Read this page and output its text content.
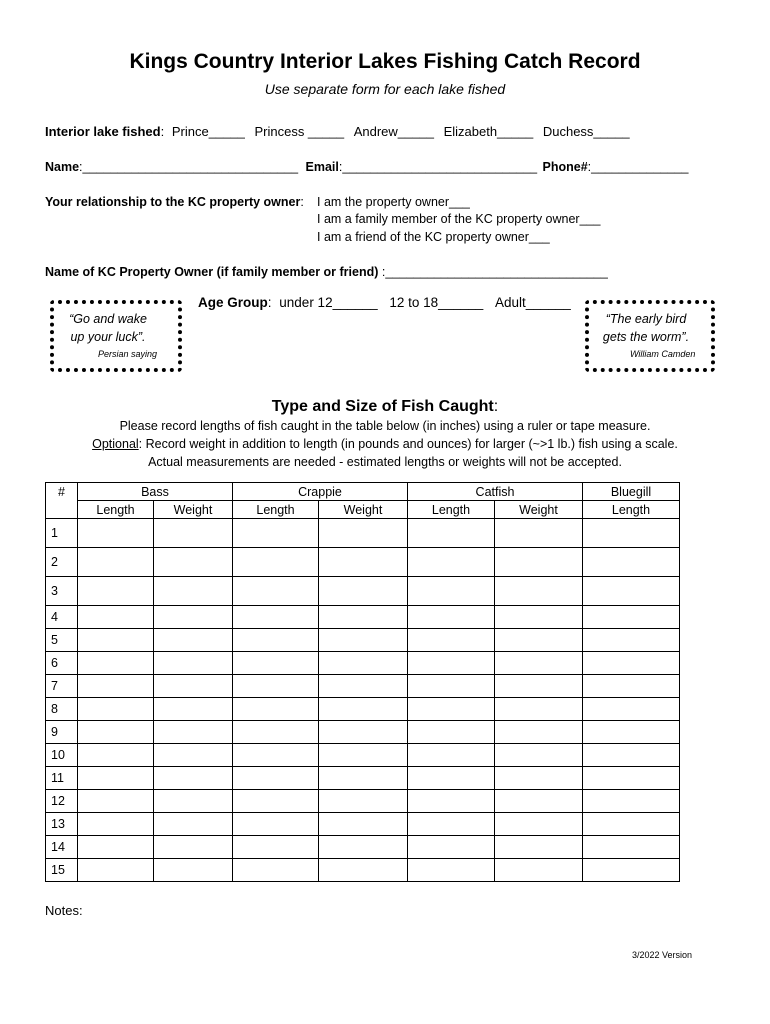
Kings Country Interior Lakes Fishing Catch Record
Use separate form for each lake fished
Interior lake fished: Prince_____ Princess _____ Andrew_____ Elizabeth_____ Duchess_____
Name:_______________________________ Email:____________________________ Phone#:______________
Your relationship to the KC property owner: I am the property owner___
I am a family member of the KC property owner___
I am a friend of the KC property owner___
Name of KC Property Owner (if family member or friend) :________________________________
“Go and wake
up your luck”.
Persian saying
Age Group: under 12______ 12 to 18______ Adult______
“The early bird
gets the worm”.
William Camden
Type and Size of Fish Caught:
Please record lengths of fish caught in the table below (in inches) using a ruler or tape measure.
Optional: Record weight in addition to length (in pounds and ounces) for larger (~>1 lb.) fish using a scale.
Actual measurements are needed - estimated lengths or weights will not be accepted.
#	Bass		Crappie		Catfish		Bluegill
	Length	Weight	Length	Weight	Length	Weight	Length
1							
2							
3							
4							
5							
6							
7							
8							
9							
10							
11							
12							
13							
14							
15							
Notes:
3/2022 Version
